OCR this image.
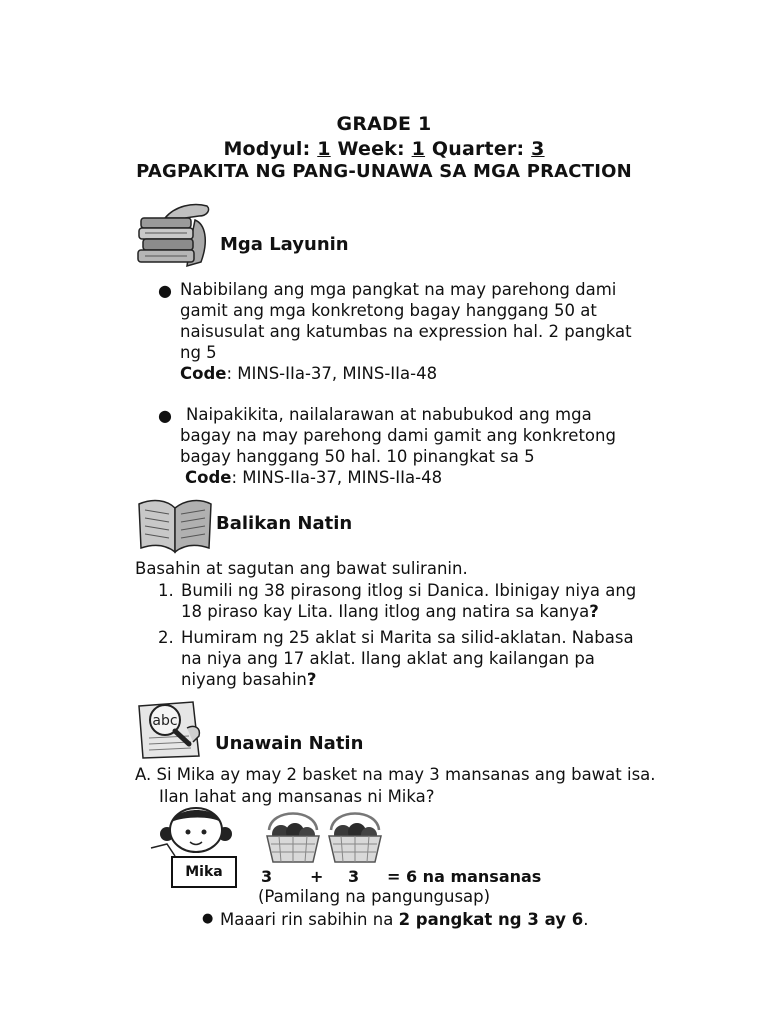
GRADE 1
Modyul: 1 Week: 1 Quarter: 3
PAGPAKITA NG PANG-UNAWA SA MGA PRACTION
Mga Layunin
● Nabibilang ang mga pangkat na may parehong dami
gamit ang mga konkretong bagay hanggang 50 at
naisusulat ang katumbas na expression hal. 2 pangkat
ng 5
Code: MINS-IIa-37, MINS-IIa-48
● Naipakikita, nailalarawan at nabubukod ang mga
bagay na may parehong dami gamit ang konkretong
bagay hanggang 50 hal. 10 pinangkat sa 5
Code: MINS-IIa-37, MINS-IIa-48
Balikan Natin
Basahin at sagutan ang bawat suliranin.
1. Bumili ng 38 pirasong itlog si Danica. Ibinigay niya ang
18 piraso kay Lita. Ilang itlog ang natira sa kanya?
2. Humiram ng 25 aklat si Marita sa silid-aklatan. Nabasa
na niya ang 17 aklat. Ilang aklat ang kailangan pa
niyang basahin?
abc
Unawain Natin
A. Si Mika ay may 2 basket na may 3 mansanas ang bawat isa.
Ilan lahat ang mansanas ni Mika?
Mika	3 + 3 = 6 na mansanas
(Pamilang na pangungusap)
● Maaari rin sabihin na 2 pangkat ng 3 ay 6.
